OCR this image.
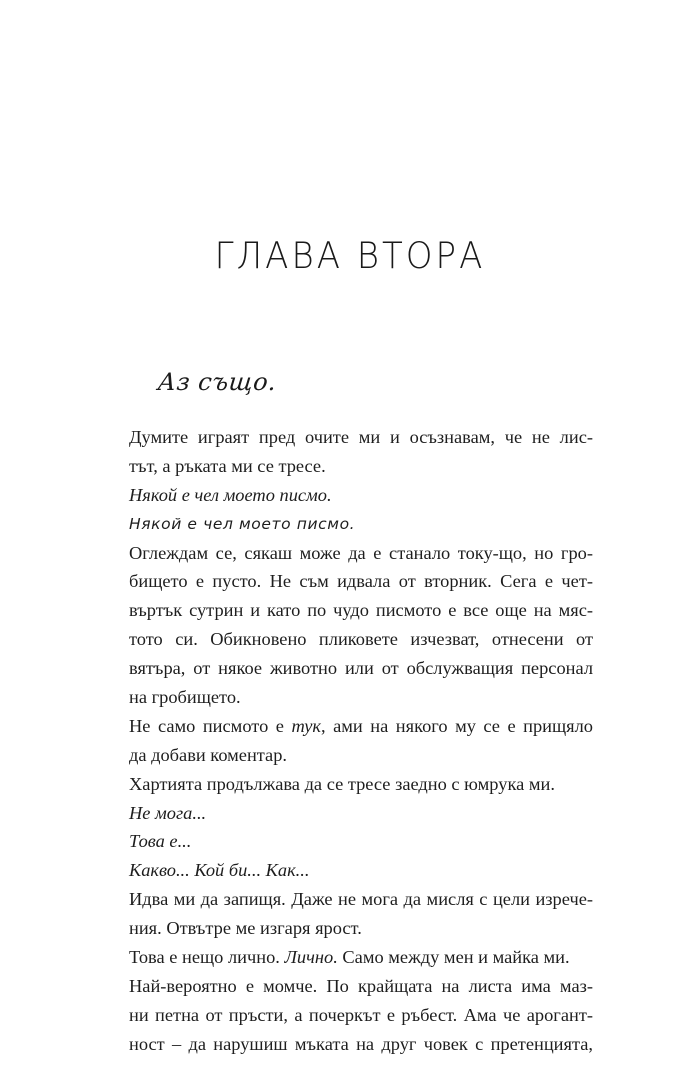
ГЛАВА ВТОРА
Аз също.
Думите играят пред очите ми и осъзнавам, че не лис-
тът, а ръката ми се тресе.
Някой е чел моето писмо.
Някой е чел моето писмо.
Оглеждам се, сякаш може да е станало току-що, но гро-
бището е пусто. Не съм идвала от вторник. Сега е чет-
въртък сутрин и като по чудо писмото е все още на мяс-
тото си. Обикновено пликовете изчезват, отнесени от
вятъра, от някое животно или от обслужващия персонал
на гробището.
Не само писмото е тук, ами на някого му се е прищяло
да добави коментар.
Хартията продължава да се тресе заедно с юмрука ми.
Не мога...
Това е...
Какво... Кой би... Как...
Идва ми да запищя. Даже не мога да мисля с цели изрече-
ния. Отвътре ме изгаря ярост.
Това е нещо лично. Лично. Само между мен и майка ми.
Най-вероятно е момче. По крайщата на листа има маз-
ни петна от пръсти, а почеркът е ръбест. Ама че арогант-
ност – да нарушиш мъката на друг човек с претенцията,
